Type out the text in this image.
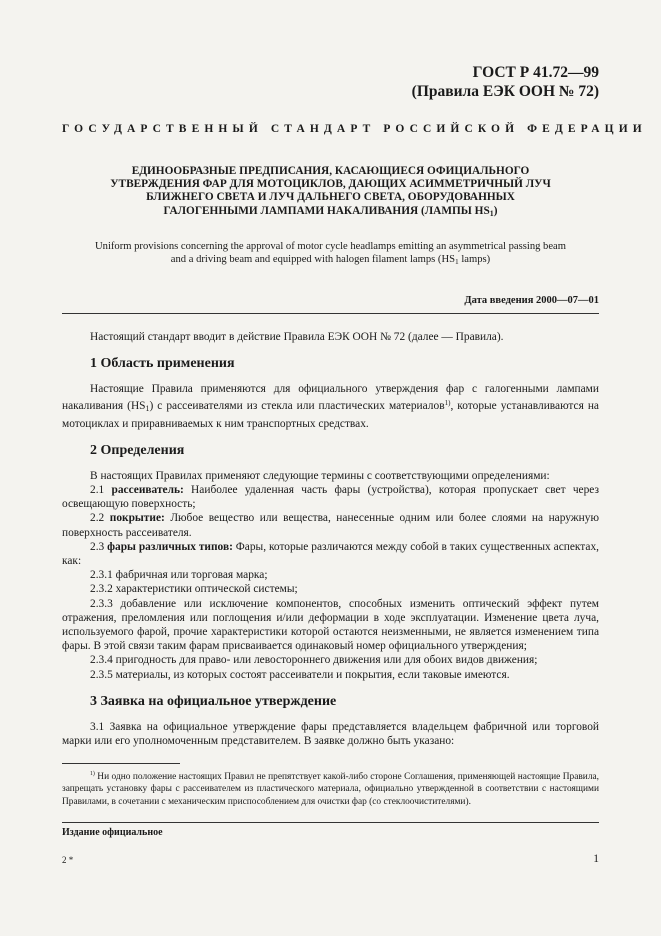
ГОСТ Р 41.72—99
(Правила ЕЭК ООН № 72)
ГОСУДАРСТВЕННЫЙ СТАНДАРТ РОССИЙСКОЙ ФЕДЕРАЦИИ
ЕДИНООБРАЗНЫЕ ПРЕДПИСАНИЯ, КАСАЮЩИЕСЯ ОФИЦИАЛЬНОГО
УТВЕРЖДЕНИЯ ФАР ДЛЯ МОТОЦИКЛОВ, ДАЮЩИХ АСИММЕТРИЧНЫЙ ЛУЧ
БЛИЖНЕГО СВЕТА И ЛУЧ ДАЛЬНЕГО СВЕТА, ОБОРУДОВАННЫХ
ГАЛОГЕННЫМИ ЛАМПАМИ НАКАЛИВАНИЯ (ЛАМПЫ $HS_1$)
Uniform provisions concerning the approval of motor cycle headlamps emitting an asymmetrical passing beam
and a driving beam and equipped with halogen filament lamps ($HS_1$ lamps)
Дата введения 2000—07—01

Настоящий стандарт вводит в действие Правила ЕЭК ООН № 72 (далее — Правила).

1 Область применения

Настоящие Правила применяются для официального утверждения фар с галогенными лампами накаливания $(HS_1)$ с рассеивателями из стекла или пластических материалов$^{1)}$, которые устанавливаются на мотоциклах и приравниваемых к ним транспортных средствах.

2 Определения

В настоящих Правилах применяют следующие термины с соответствующими определениями:

2.1 рассеиватель: Наиболее удаленная часть фары (устройства), которая пропускает свет через освещающую поверхность;

2.2 покрытие: Любое вещество или вещества, нанесенные одним или более слоями на наружную поверхность рассеивателя.

2.3 фары различных типов: Фары, которые различаются между собой в таких существенных аспектах, как:

2.3.1 фабричная или торговая марка;

2.3.2 характеристики оптической системы;

2.3.3 добавление или исключение компонентов, способных изменить оптический эффект путем отражения, преломления или поглощения и/или деформации в ходе эксплуатации. Изменение цвета луча, используемого фарой, прочие характеристики которой остаются неизменными, не является изменением типа фары. В этой связи таким фарам присваивается одинаковый номер официального утверждения;

2.3.4 пригодность для право- или левостороннего движения или для обоих видов движения;

2.3.5 материалы, из которых состоят рассеиватели и покрытия, если таковые имеются.

3 Заявка на официальное утверждение

3.1 Заявка на официальное утверждение фары представляется владельцем фабричной или торговой марки или его уполномоченным представителем. В заявке должно быть указано:

$^{1)}$ Ни одно положение настоящих Правил не препятствует какой-либо стороне Соглашения, применяющей настоящие Правила, запрещать установку фары с рассеивателем из пластического материала, официально утвержденной в соответствии с настоящими Правилами, в сочетании с механическим приспособлением для очистки фар (со стеклоочистителями).
Издание официальное
2 *	1
